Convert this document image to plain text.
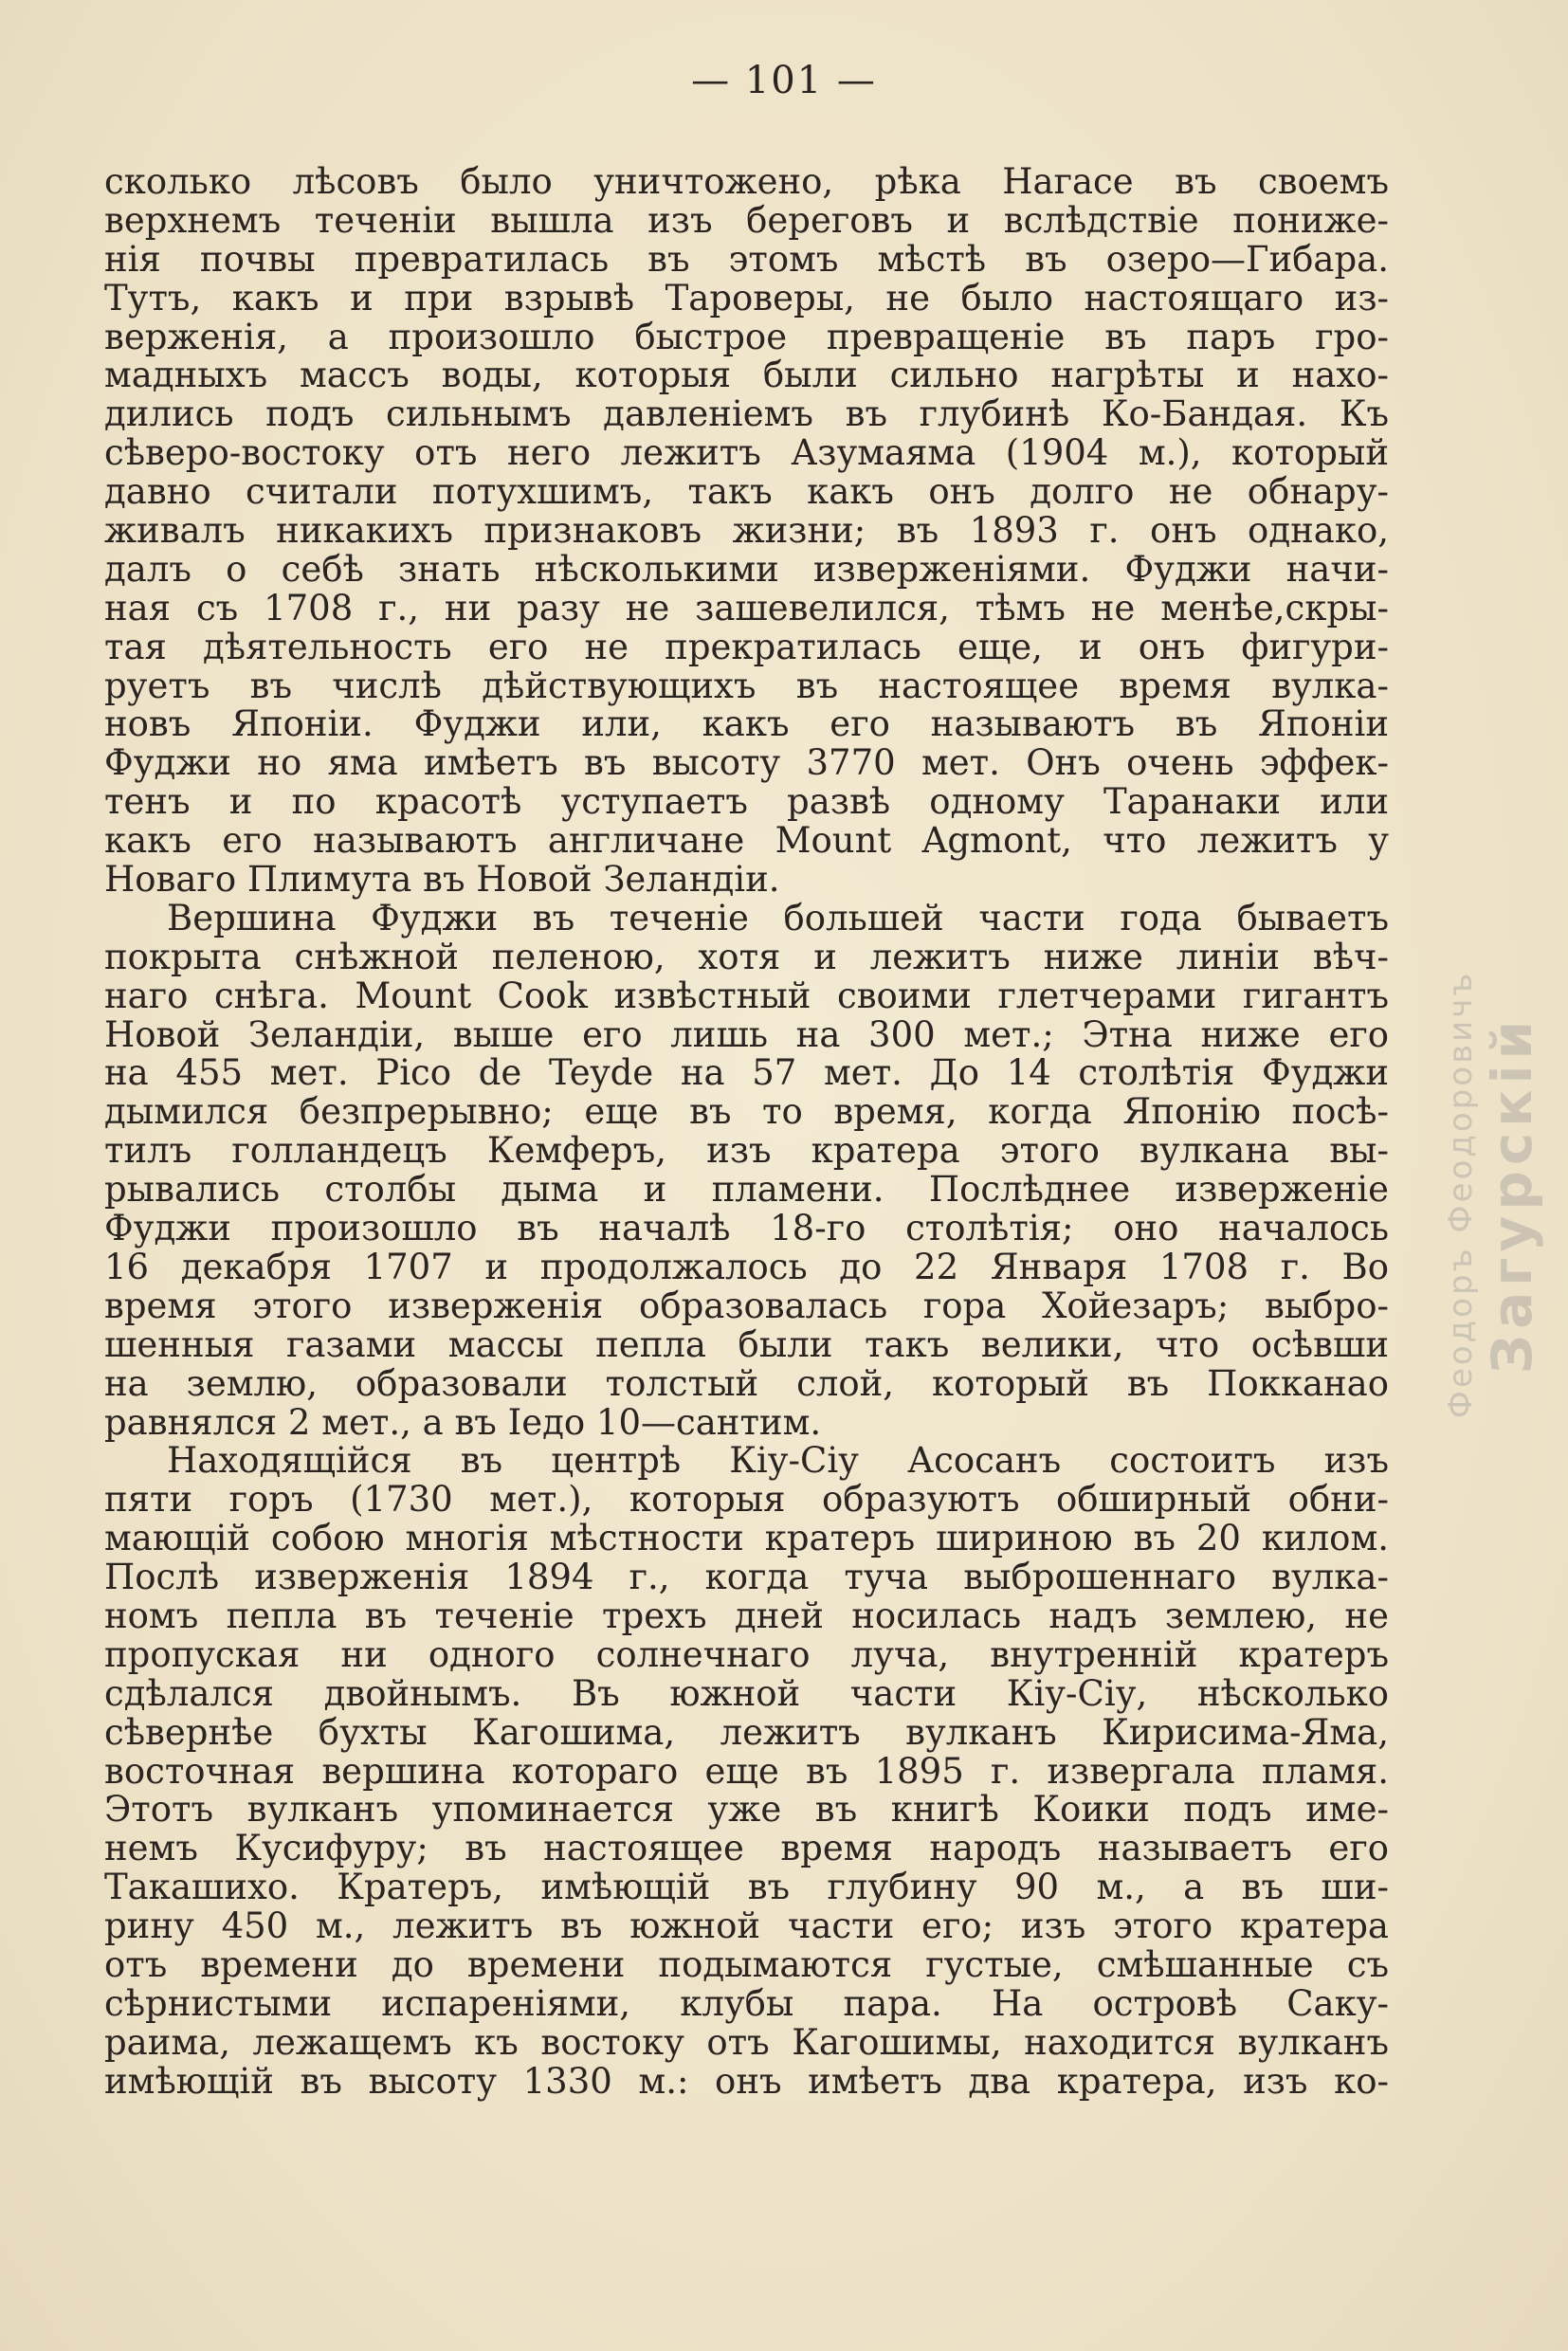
— 101 —
сколько лѣсовъ было уничтожено, рѣка Нагасе въ своемъ
верхнемъ теченіи вышла изъ береговъ и вслѣдствіе пониже-
нія почвы превратилась въ этомъ мѣстѣ въ озеро—Гибара.
Тутъ, какъ и при взрывѣ Тароверы, не было настоящаго из-
верженія, а произошло быстрое превращеніе въ паръ гро-
мадныхъ массъ воды, которыя были сильно нагрѣты и нахо-
дились подъ сильнымъ давленіемъ въ глубинѣ Ко-Бандая. Къ
сѣверо-востоку отъ него лежитъ Азумаяма (1904 м.), который
давно считали потухшимъ, такъ какъ онъ долго не обнару-
живалъ никакихъ признаковъ жизни; въ 1893 г. онъ однако,
далъ о себѣ знать нѣсколькими изверженіями. Фуджи начи-
ная съ 1708 г., ни разу не зашевелился, тѣмъ не менѣе,скры-
тая дѣятельность его не прекратилась еще, и онъ фигури-
руетъ въ числѣ дѣйствующихъ въ настоящее время вулка-
новъ Японіи. Фуджи или, какъ его называютъ въ Японіи
Фуджи но яма имѣетъ въ высоту 3770 мет. Онъ очень эффек-
тенъ и по красотѣ уступаетъ развѣ одному Таранаки или
какъ его называютъ англичане Mount Agmont, что лежитъ у
Новаго Плимута въ Новой Зеландіи.
Вершина Фуджи въ теченіе большей части года бываетъ
покрыта снѣжной пеленою, хотя и лежитъ ниже линіи вѣч-
наго снѣга. Mount Cook извѣстный своими глетчерами гигантъ
Новой Зеландіи, выше его лишь на 300 мет.; Этна ниже его
на 455 мет. Pico de Teyde на 57 мет. До 14 столѣтія Фуджи
дымился безпрерывно; еще въ то время, когда Японію посѣ-
тилъ голландецъ Кемферъ, изъ кратера этого вулкана вы-
рывались столбы дыма и пламени. Послѣднее изверженіе
Фуджи произошло въ началѣ 18-го столѣтія; оно началось
16 декабря 1707 и продолжалось до 22 Января 1708 г. Во
время этого изверженія образовалась гора Хойезаръ; выбро-
шенныя газами массы пепла были такъ велики, что осѣвши
на землю, образовали толстый слой, который въ Покканао
равнялся 2 мет., а въ Іедо 10—сантим.
Находящійся въ центрѣ Кіу-Сіу Асосанъ состоитъ изъ
пяти горъ (1730 мет.), которыя образуютъ обширный обни-
мающій собою многія мѣстности кратеръ шириною въ 20 килом.
Послѣ изверженія 1894 г., когда туча выброшеннаго вулка-
номъ пепла въ теченіе трехъ дней носилась надъ землею, не
пропуская ни одного солнечнаго луча, внутренній кратеръ
сдѣлался двойнымъ. Въ южной части Кіу-Сіу, нѣсколько
сѣвернѣе бухты Кагошима, лежитъ вулканъ Кирисима-Яма,
восточная вершина котораго еще въ 1895 г. извергала пламя.
Этотъ вулканъ упоминается уже въ книгѣ Коики подъ име-
немъ Кусифуру; въ настоящее время народъ называетъ его
Такашихо. Кратеръ, имѣющій въ глубину 90 м., а въ ши-
рину 450 м., лежитъ въ южной части его; изъ этого кратера
отъ времени до времени подымаются густые, смѣшанные съ
сѣрнистыми испареніями, клубы пара. На островѣ Саку-
раима, лежащемъ къ востоку отъ Кагошимы, находится вулканъ
имѣющій въ высоту 1330 м.: онъ имѣетъ два кратера, изъ ко-
Феодоръ Феодоровичъ Загурскій
